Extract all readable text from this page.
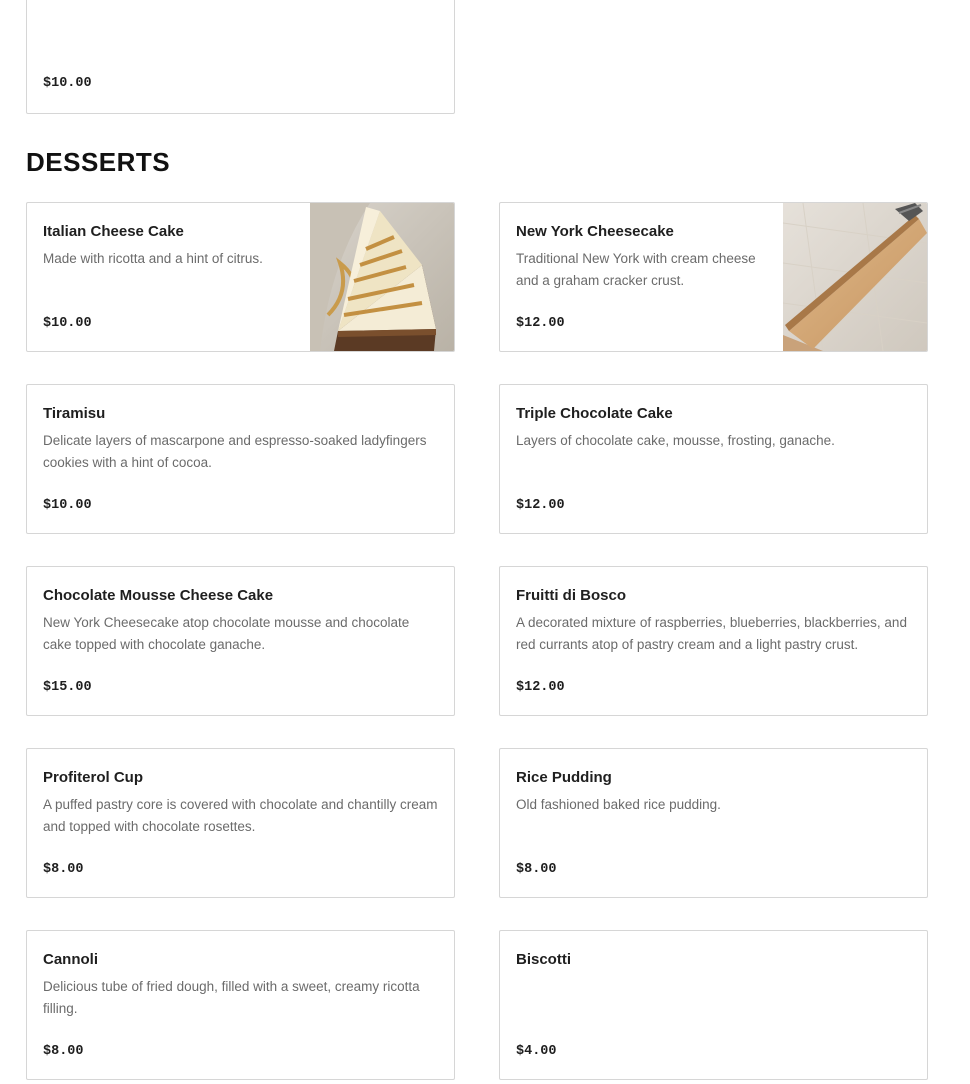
$10.00
DESSERTS
Italian Cheese Cake
Made with ricotta and a hint of citrus.
$10.00
New York Cheesecake
Traditional New York with cream cheese and a graham cracker crust.
$12.00
Tiramisu
Delicate layers of mascarpone and espresso-soaked ladyfingers cookies with a hint of cocoa.
$10.00
Triple Chocolate Cake
Layers of chocolate cake, mousse, frosting, ganache.
$12.00
Chocolate Mousse Cheese Cake
New York Cheesecake atop chocolate mousse and chocolate cake topped with chocolate ganache.
$15.00
Fruitti di Bosco
A decorated mixture of raspberries, blueberries, blackberries, and red currants atop of pastry cream and a light pastry crust.
$12.00
Profiterol Cup
A puffed pastry core is covered with chocolate and chantilly cream and topped with chocolate rosettes.
$8.00
Rice Pudding
Old fashioned baked rice pudding.
$8.00
Cannoli
Delicious tube of fried dough, filled with a sweet, creamy ricotta filling.
$8.00
Biscotti
$4.00
